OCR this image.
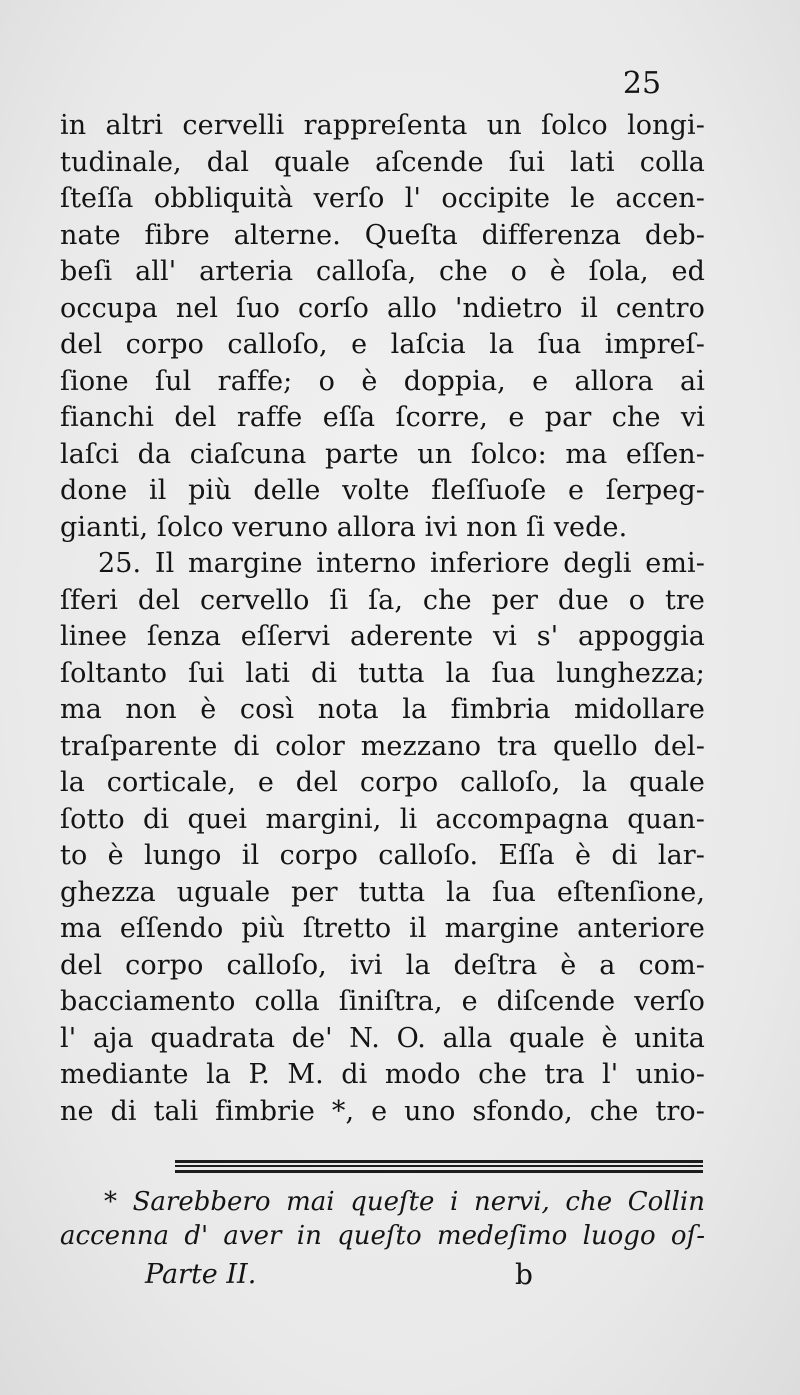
25
in altri cervelli rappreſenta un ſolco longi-
tudinale, dal quale aſcende ſui lati colla
ſteſſa obbliquità verſo l' occipite le accen-
nate fibre alterne. Queſta differenza deb-
beſi all' arteria calloſa, che o è ſola, ed
occupa nel ſuo corſo allo 'ndietro il centro
del corpo calloſo, e laſcia la ſua impreſ-
ſione ſul raffe; o è doppia, e allora ai
fianchi del raffe eſſa ſcorre, e par che vi
laſci da ciaſcuna parte un ſolco: ma eſſen-
done il più delle volte fleſſuoſe e ſerpeg-
gianti, ſolco veruno allora ivi non ſi vede.
25. Il margine interno inferiore degli emi-
ſferi del cervello ſi ſa, che per due o tre
linee ſenza eſſervi aderente vi s' appoggia
ſoltanto ſui lati di tutta la ſua lunghezza;
ma non è così nota la fimbria midollare
traſparente di color mezzano tra quello del-
la corticale, e del corpo calloſo, la quale
ſotto di quei margini, li accompagna quan-
to è lungo il corpo calloſo. Eſſa è di lar-
ghezza uguale per tutta la ſua eſtenſione,
ma eſſendo più ſtretto il margine anteriore
del corpo calloſo, ivi la deſtra è a com-
bacciamento colla ſiniſtra, e diſcende verſo
l' aja quadrata de' N. O. alla quale è unita
mediante la P. M. di modo che tra l' unio-
ne di tali fimbrie *, e uno sfondo, che tro-
* Sarebbero mai queſte i nervi, che Collin
accenna d' aver in queſto medeſimo luogo oſ-
Parte II.	b
